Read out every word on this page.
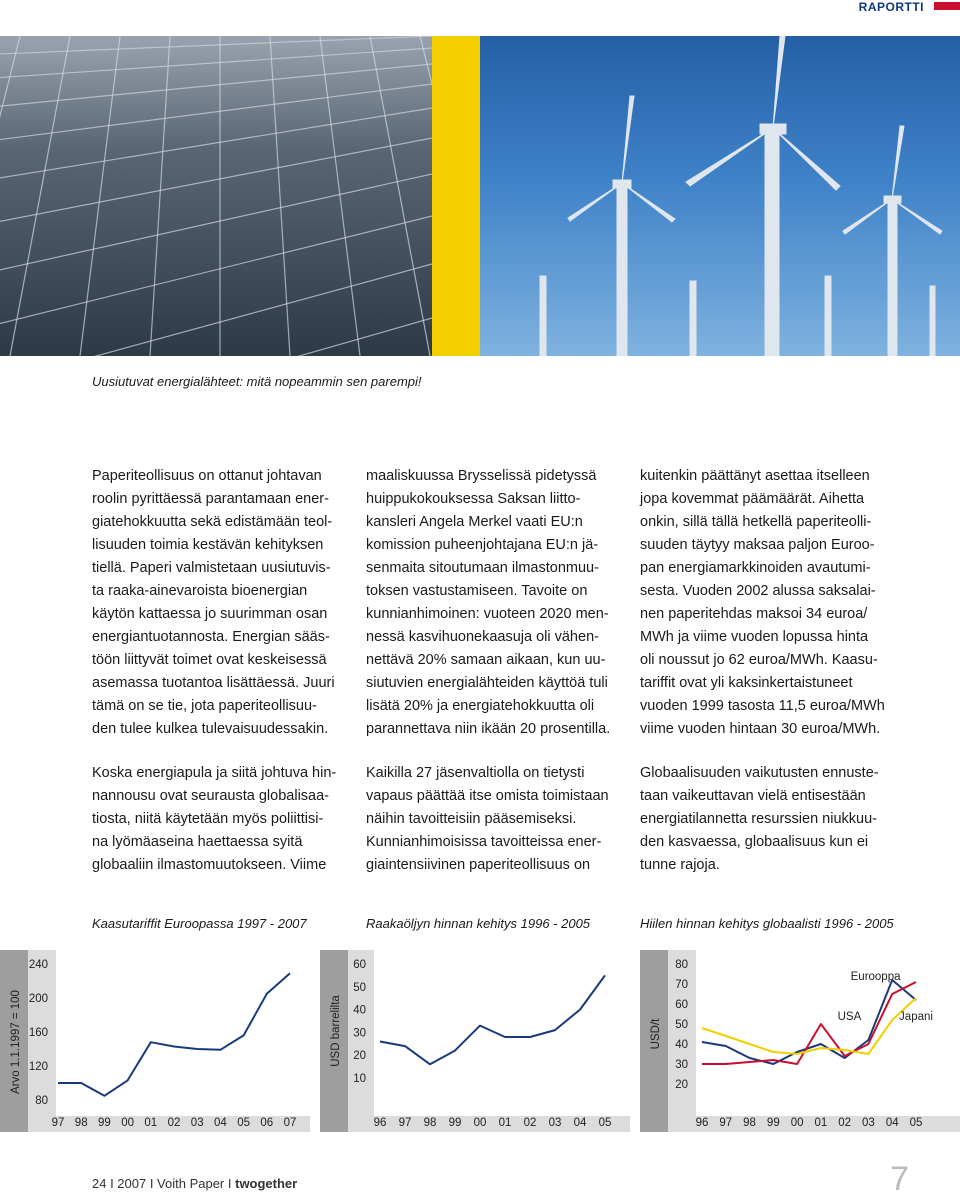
RAPORTTI
Uusiutuvat energialähteet: mitä nopeammin sen parempi!

Paperiteollisuus on ottanut johtavan

roolin pyrittäessä parantamaan ener-

giatehokkuutta sekä edistämään teol-

lisuuden toimia kestävän kehityksen

tiellä. Paperi valmistetaan uusiutuvis-

ta raaka-ainevaroista bioenergian

käytön kattaessa jo suurimman osan

energiantuotannosta. Energian sääs-

töön liittyvät toimet ovat keskeisessä

asemassa tuotantoa lisättäessä. Juuri

tämä on se tie, jota paperiteollisuu-

den tulee kulkea tulevaisuudessakin.

maaliskuussa Brysselissä pidetyssä

huippukokouksessa Saksan liitto-

kansleri Angela Merkel vaati EU:n

komission puheenjohtajana EU:n jä-

senmaita sitoutumaan ilmastonmuu-

toksen vastustamiseen. Tavoite on

kunnianhimoinen: vuoteen 2020 men-

nessä kasvihuonekaasuja oli vähen-

nettävä 20% samaan aikaan, kun uu-

siutuvien energialähteiden käyttöä tuli

lisätä 20% ja energiatehokkuutta oli

parannettava niin ikään 20 prosentilla.

kuitenkin päättänyt asettaa itselleen

jopa kovemmat päämäärät. Aihetta

onkin, sillä tällä hetkellä paperiteolli-

suuden täytyy maksaa paljon Euroo-

pan energiamarkkinoiden avautumi-

sesta. Vuoden 2002 alussa saksalai-

nen paperitehdas maksoi 34 euroa/

MWh ja viime vuoden lopussa hinta

oli noussut jo 62 euroa/MWh. Kaasu-

tariffit ovat yli kaksinkertaistuneet

vuoden 1999 tasosta 11,5 euroa/MWh

viime vuoden hintaan 30 euroa/MWh.

Koska energiapula ja siitä johtuva hin-

nannousu ovat seurausta globalisaa-

tiosta, niitä käytetään myös poliittisi-

na lyömäaseina haettaessa syitä

globaaliin ilmastomuutokseen. Viime

Kaikilla 27 jäsenvaltiolla on tietysti

vapaus päättää itse omista toimistaan

näihin tavoitteisiin pääsemiseksi.

Kunnianhimoisissa tavoitteissa ener-

giaintensiivinen paperiteollisuus on

Globaalisuuden vaikutusten ennuste-

taan vaikeuttavan vielä entisestään

energiatilannetta resurssien niukkuu-

den kasvaessa, globaalisuus kun ei

tunne rajoja.

Kaasutariffit Euroopassa 1997 - 2007	Raakaöljyn hinnan kehitys 1996 - 2005	Hiilen hinnan kehitys globaalisti 1996 - 2005
80
120
160
200
240
Arvo 1.1.1997 = 100
97 98 99 00 01 02 03 04 05 06 07
10
20
30
40
50
60
USD barrelilta
96 97 98 99 00 01 02 03 04 05
20
30
40
50
60
70
80
USD/t
96 97 98 99 00 01 02 03 04 05
USA
Eurooppa
Japani
24 I 2007 I Voith Paper I twogether	7
